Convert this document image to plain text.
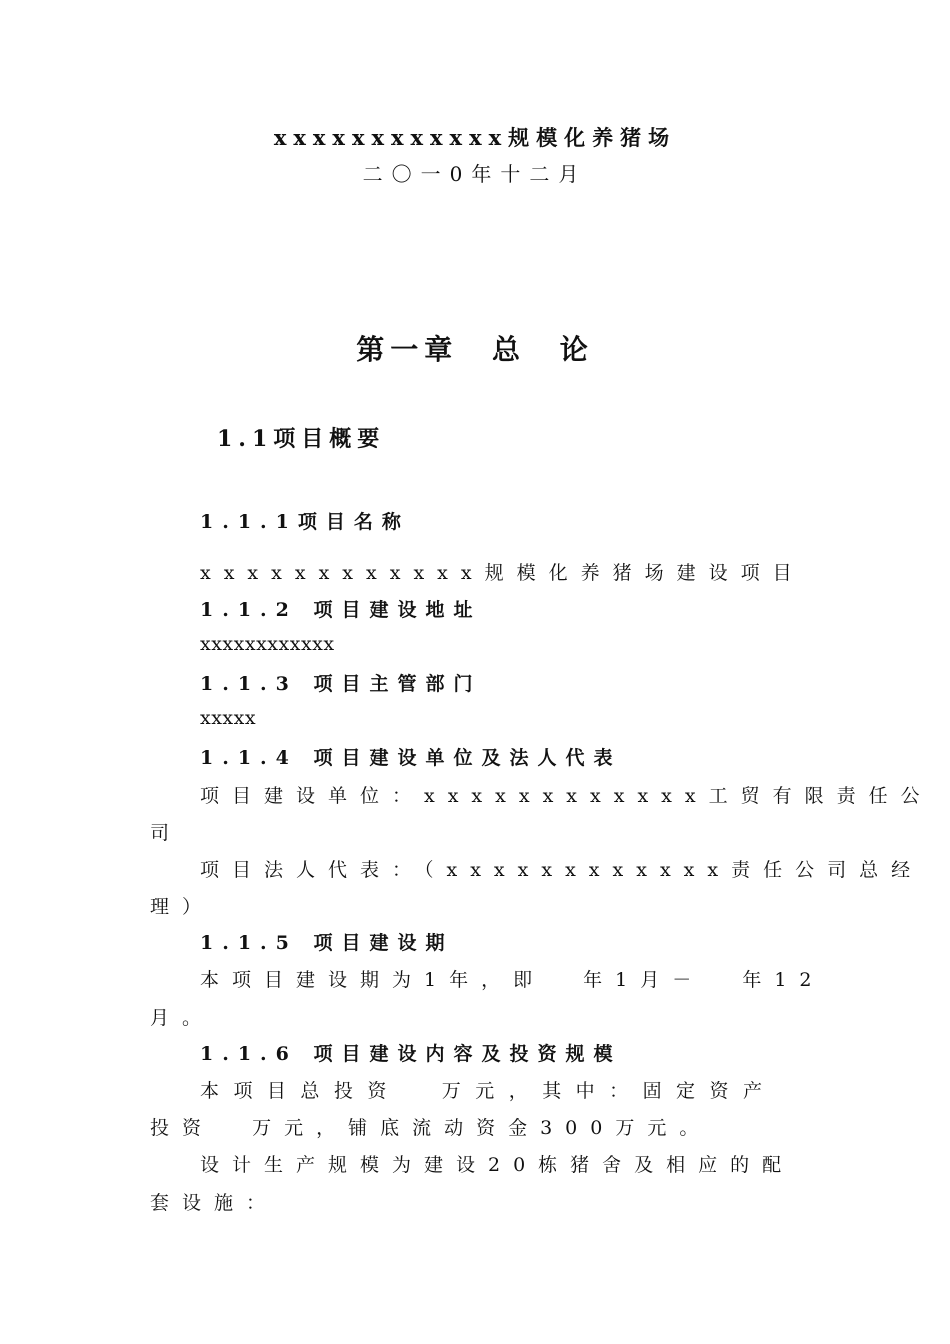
xxxxxxxxxxxx规模化养猪场
二〇一0年十二月
第一章 总 论
1.1项目概要
1.1.1项目名称
xxxxxxxxxxxx规模化养猪场建设项目
1.1.2 项目建设地址
xxxxxxxxxxxx
1.1.3 项目主管部门
xxxxx
1.1.4 项目建设单位及法人代表
项目建设单位：xxxxxxxxxxxx工贸有限责任公
司
项目法人代表：（xxxxxxxxxxxx责任公司总经
理）
1.1.5 项目建设期
本项目建设期为1年，即  年1月－  年12
月。
1.1.6 项目建设内容及投资规模
本项目总投资  万元，其中：固定资产
投资  万元，铺底流动资金300万元。
设计生产规模为建设20栋猪舍及相应的配
套设施：
